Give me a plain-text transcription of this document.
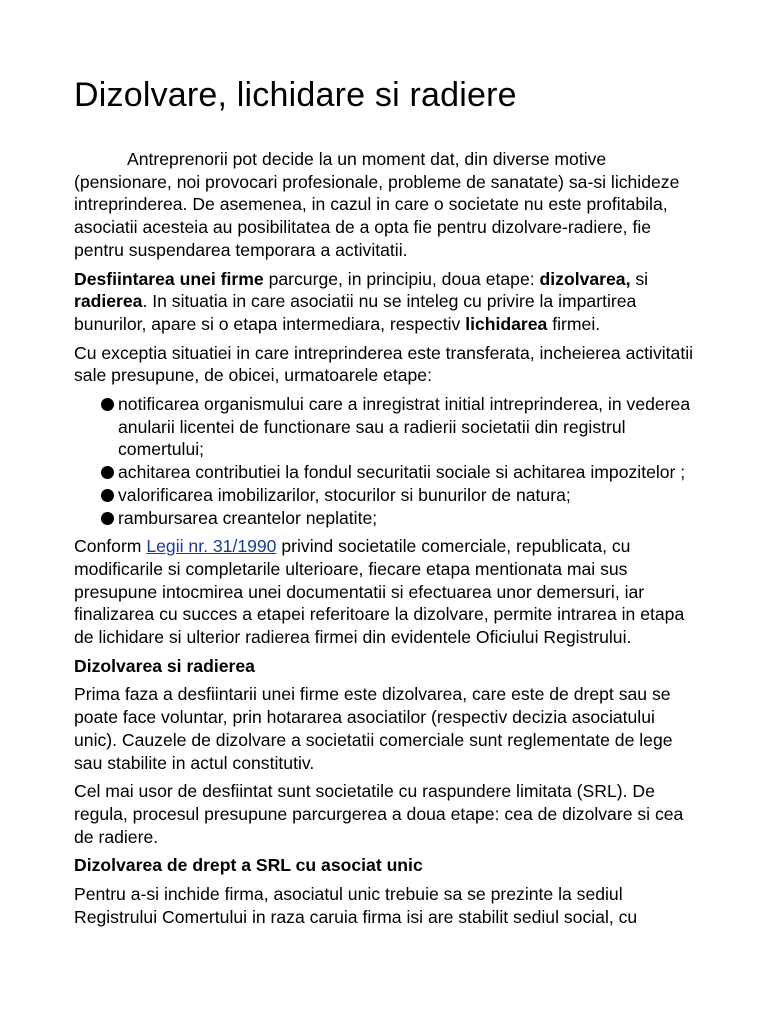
Dizolvare, lichidare si radiere

Antreprenorii pot decide la un moment dat, din diverse motive (pensionare, noi provocari profesionale, probleme de sanatate) sa-si lichideze intreprinderea. De asemenea, in cazul in care o societate nu este profitabila, asociatii acesteia au posibilitatea de a opta fie pentru dizolvare-radiere, fie pentru suspendarea temporara a activitatii.

Desfiintarea unei firme parcurge, in principiu, doua etape: dizolvarea, si radierea. In situatia in care asociatii nu se inteleg cu privire la impartirea bunurilor, apare si o etapa intermediara, respectiv lichidarea firmei.

Cu exceptia situatiei in care intreprinderea este transferata, incheierea activitatii sale presupune, de obicei, urmatoarele etape:

notificarea organismului care a inregistrat initial intreprinderea, in vederea anularii licentei de functionare sau a radierii societatii din registrul comertului;
achitarea contributiei la fondul securitatii sociale si achitarea impozitelor ;
valorificarea imobilizarilor, stocurilor si bunurilor de natura;
rambursarea creantelor neplatite;

Conform Legii nr. 31/1990 privind societatile comerciale, republicata, cu modificarile si completarile ulterioare, fiecare etapa mentionata mai sus presupune intocmirea unei documentatii si efectuarea unor demersuri, iar finalizarea cu succes a etapei referitoare la dizolvare, permite intrarea in etapa de lichidare si ulterior radierea firmei din evidentele Oficiului Registrului.

Dizolvarea si radierea

Prima faza a desfiintarii unei firme este dizolvarea, care este de drept sau se poate face voluntar, prin hotararea asociatilor (respectiv decizia asociatului unic). Cauzele de dizolvare a societatii comerciale sunt reglementate de lege sau stabilite in actul constitutiv.

Cel mai usor de desfiintat sunt societatile cu raspundere limitata (SRL). De regula, procesul presupune parcurgerea a doua etape: cea de dizolvare si cea de radiere.

Dizolvarea de drept a SRL cu asociat unic

Pentru a-si inchide firma, asociatul unic trebuie sa se prezinte la sediul Registrului Comertului in raza caruia firma isi are stabilit sediul social, cu
